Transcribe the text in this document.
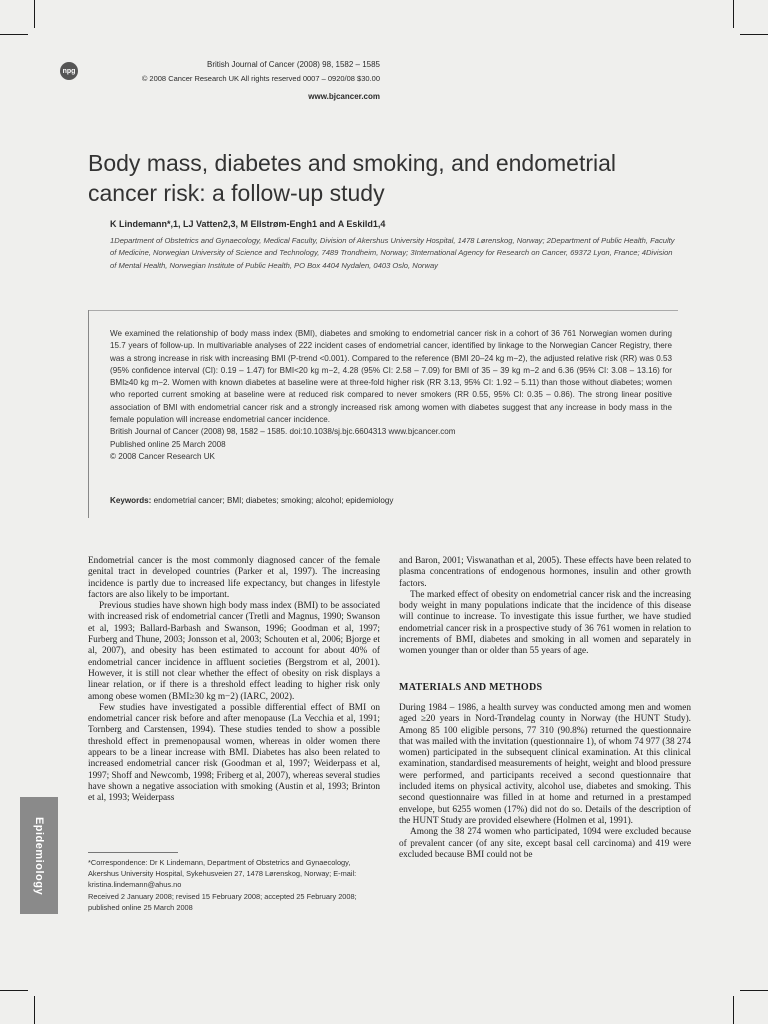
npg
British Journal of Cancer (2008) 98, 1582 – 1585
© 2008 Cancer Research UK All rights reserved 0007 – 0920/08 $30.00
www.bjcancer.com
Body mass, diabetes and smoking, and endometrial cancer risk: a follow-up study
K Lindemann*,1, LJ Vatten2,3, M Ellstrøm-Engh1 and A Eskild1,4
1Department of Obstetrics and Gynaecology, Medical Faculty, Division of Akershus University Hospital, 1478 Lørenskog, Norway; 2Department of Public Health, Faculty of Medicine, Norwegian University of Science and Technology, 7489 Trondheim, Norway; 3International Agency for Research on Cancer, 69372 Lyon, France; 4Division of Mental Health, Norwegian Institute of Public Health, PO Box 4404 Nydalen, 0403 Oslo, Norway

We examined the relationship of body mass index (BMI), diabetes and smoking to endometrial cancer risk in a cohort of 36 761 Norwegian women during 15.7 years of follow-up. In multivariable analyses of 222 incident cases of endometrial cancer, identified by linkage to the Norwegian Cancer Registry, there was a strong increase in risk with increasing BMI (P-trend <0.001). Compared to the reference (BMI 20–24 kg m−2), the adjusted relative risk (RR) was 0.53 (95% confidence interval (CI): 0.19 – 1.47) for BMI<20 kg m−2, 4.28 (95% CI: 2.58 – 7.09) for BMI of 35 – 39 kg m−2 and 6.36 (95% CI: 3.08 – 13.16) for BMI≥40 kg m−2. Women with known diabetes at baseline were at three-fold higher risk (RR 3.13, 95% CI: 1.92 – 5.11) than those without diabetes; women who reported current smoking at baseline were at reduced risk compared to never smokers (RR 0.55, 95% CI: 0.35 – 0.86). The strong linear positive association of BMI with endometrial cancer risk and a strongly increased risk among women with diabetes suggest that any increase in body mass in the female population will increase endometrial cancer incidence.

British Journal of Cancer (2008) 98, 1582 – 1585. doi:10.1038/sj.bjc.6604313 www.bjcancer.com

Published online 25 March 2008

© 2008 Cancer Research UK

Keywords: endometrial cancer; BMI; diabetes; smoking; alcohol; epidemiology

Endometrial cancer is the most commonly diagnosed cancer of the female genital tract in developed countries (Parker et al, 1997). The increasing incidence is partly due to increased life expectancy, but changes in lifestyle factors are also likely to be important.

Previous studies have shown high body mass index (BMI) to be associated with increased risk of endometrial cancer (Tretli and Magnus, 1990; Swanson et al, 1993; Ballard-Barbash and Swanson, 1996; Goodman et al, 1997; Furberg and Thune, 2003; Jonsson et al, 2003; Schouten et al, 2006; Bjorge et al, 2007), and obesity has been estimated to account for about 40% of endometrial cancer incidence in affluent societies (Bergstrom et al, 2001). However, it is still not clear whether the effect of obesity on risk displays a linear relation, or if there is a threshold effect leading to higher risk only among obese women (BMI≥30 kg m−2) (IARC, 2002).

Few studies have investigated a possible differential effect of BMI on endometrial cancer risk before and after menopause (La Vecchia et al, 1991; Tornberg and Carstensen, 1994). These studies tended to show a possible threshold effect in premenopausal women, whereas in older women there appears to be a linear increase with BMI. Diabetes has also been related to increased endometrial cancer risk (Goodman et al, 1997; Weiderpass et al, 1997; Shoff and Newcomb, 1998; Friberg et al, 2007), whereas several studies have shown a negative association with smoking (Austin et al, 1993; Brinton et al, 1993; Weiderpass

and Baron, 2001; Viswanathan et al, 2005). These effects have been related to plasma concentrations of endogenous hormones, insulin and other growth factors.

The marked effect of obesity on endometrial cancer risk and the increasing body weight in many populations indicate that the incidence of this disease will continue to increase. To investigate this issue further, we have studied endometrial cancer risk in a prospective study of 36 761 women in relation to increments of BMI, diabetes and smoking in all women and separately in women younger than or older than 55 years of age.

MATERIALS AND METHODS

During 1984 – 1986, a health survey was conducted among men and women aged ≥20 years in Nord-Trøndelag county in Norway (the HUNT Study). Among 85 100 eligible persons, 77 310 (90.8%) returned the questionnaire that was mailed with the invitation (questionnaire 1), of whom 74 977 (38 274 women) participated in the subsequent clinical examination. At this clinical examination, standardised measurements of height, weight and blood pressure were performed, and participants received a second questionnaire that included items on physical activity, alcohol use, diabetes and smoking. This second questionnaire was filled in at home and returned in a prestamped envelope, but 6255 women (17%) did not do so. Details of the description of the HUNT Study are provided elsewhere (Holmen et al, 1991).

Among the 38 274 women who participated, 1094 were excluded because of prevalent cancer (of any site, except basal cell carcinoma) and 419 were excluded because BMI could not be

*Correspondence: Dr K Lindemann, Department of Obstetrics and Gynaecology, Akershus University Hospital, Sykehusveien 27, 1478 Lørenskog, Norway; E-mail: kristina.lindemann@ahus.no

Received 2 January 2008; revised 15 February 2008; accepted 25 February 2008; published online 25 March 2008

Epidemiology
